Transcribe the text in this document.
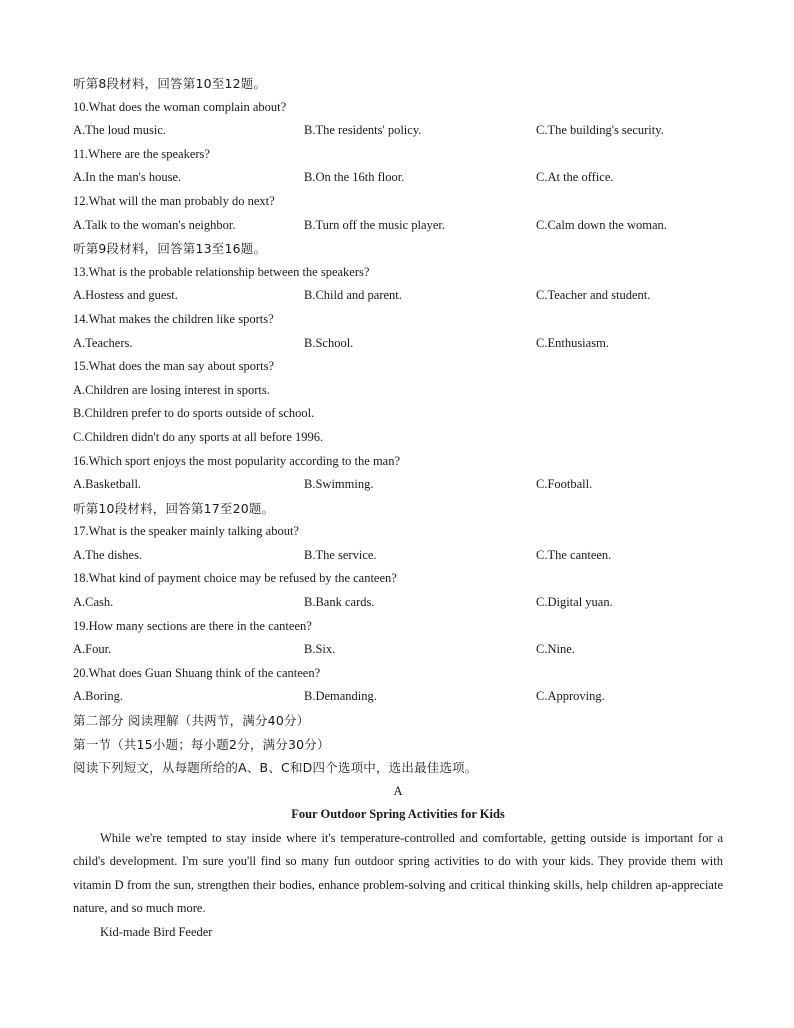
听第8段材料，回答第10至12题。
10.What does the woman complain about?
A.The loud music.	B.The residents' policy.	C.The building's security.
11.Where are the speakers?
A.In the man's house.	B.On the 16th floor.	C.At the office.
12.What will the man probably do next?
A.Talk to the woman's neighbor.	B.Turn off the music player.	C.Calm down the woman.
听第9段材料，回答第13至16题。
13.What is the probable relationship between the speakers?
A.Hostess and guest.	B.Child and parent.	C.Teacher and student.
14.What makes the children like sports?
A.Teachers.	B.School.	C.Enthusiasm.
15.What does the man say about sports?
A.Children are losing interest in sports.
B.Children prefer to do sports outside of school.
C.Children didn't do any sports at all before 1996.
16.Which sport enjoys the most popularity according to the man?
A.Basketball.	B.Swimming.	C.Football.
听第10段材料，回答第17至20题。
17.What is the speaker mainly talking about?
A.The dishes.	B.The service.	C.The canteen.
18.What kind of payment choice may be refused by the canteen?
A.Cash.	B.Bank cards.	C.Digital yuan.
19.How many sections are there in the canteen?
A.Four.	B.Six.	C.Nine.
20.What does Guan Shuang think of the canteen?
A.Boring.	B.Demanding.	C.Approving.
第二部分 阅读理解（共两节，满分40分）
第一节（共15小题；每小题2分，满分30分）
阅读下列短文，从每题所给的A、B、C和D四个选项中，选出最佳选项。
A
Four Outdoor Spring Activities for Kids

While we're tempted to stay inside where it's temperature-controlled and comfortable, getting outside is important for a child's development. I'm sure you'll find so many fun outdoor spring activities to do with your kids. They provide them with vitamin D from the sun, strengthen their bodies, enhance problem-solving and critical thinking skills, help children ap-appreciate nature, and so much more.

Kid-made Bird Feeder
